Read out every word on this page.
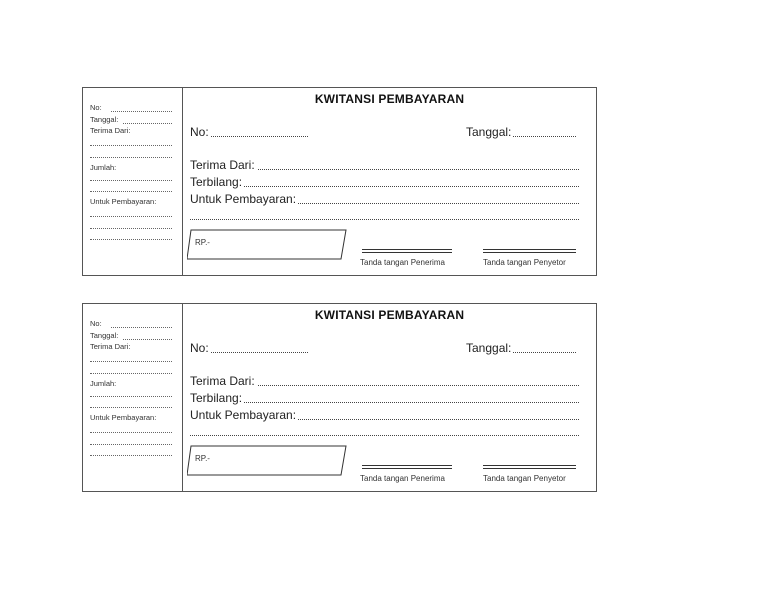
No:
Tanggal:
Terima Dari:
Jumlah:
Untuk Pembayaran:
KWITANSI PEMBAYARAN
No:	Tanggal:
Terima Dari:
Terbilang:
Untuk Pembayaran:
RP.-
Tanda tangan Penerima	Tanda tangan Penyetor
No:
Tanggal:
Terima Dari:
Jumlah:
Untuk Pembayaran:
KWITANSI PEMBAYARAN
No:	Tanggal:
Terima Dari:
Terbilang:
Untuk Pembayaran:
RP.-
Tanda tangan Penerima	Tanda tangan Penyetor
